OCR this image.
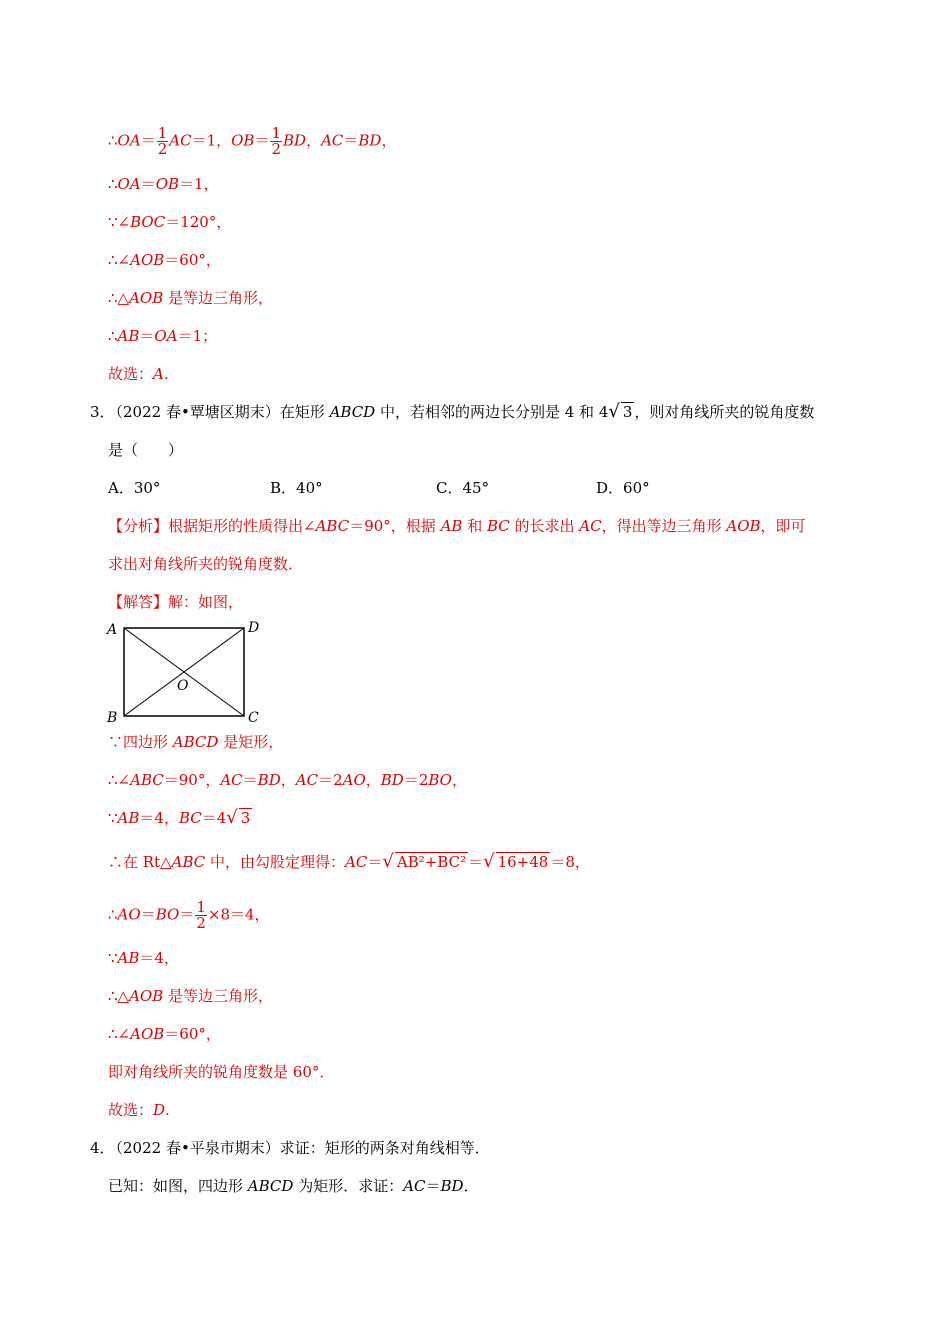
∴OA＝ $\frac{1}{2} AC=1$，$OB= \frac{1}{2}$ BD，AC＝BD，
∴OA＝OB＝1，
∵∠BOC＝120°，
∴∠AOB＝60°，
∴△AOB 是等边三角形，
∴AB＝OA＝1；
故选：A.
3．
（2022 春•覃塘区期末）在矩形 ABCD 中，若相邻的两边长分别是 4 和 4√ 3 ，则对角线所夹的锐角度数
是（　　）
A．30°	B．40°	C．45°	D．60°
【分析】根据矩形的性质得出∠ABC＝90°，根据 AB 和 BC 的长求出 AC，得出等边三角形 AOB，即可
求出对角线所夹的锐角度数．
【解答】解：如图，
A	D
B	C
O
∵四边形 ABCD 是矩形，
∴∠ABC＝90°，AC＝BD，AC＝2AO，BD＝2BO，
∵AB＝4，BC＝4√ 3
∴在 Rt△ABC 中，由勾股定理得：AC＝√ AB²+BC² ＝√ 16+48 ＝8，
∴AO＝BO＝ $\frac{1}{2} \times 8=4$，
∵AB＝4，
∴△AOB 是等边三角形，
∴∠AOB＝60°，
即对角线所夹的锐角度数是 60°．
故选：D.
4．
（2022 春•平泉市期末）求证：矩形的两条对角线相等．
已知：如图，四边形 ABCD 为矩形．求证：AC＝BD．
